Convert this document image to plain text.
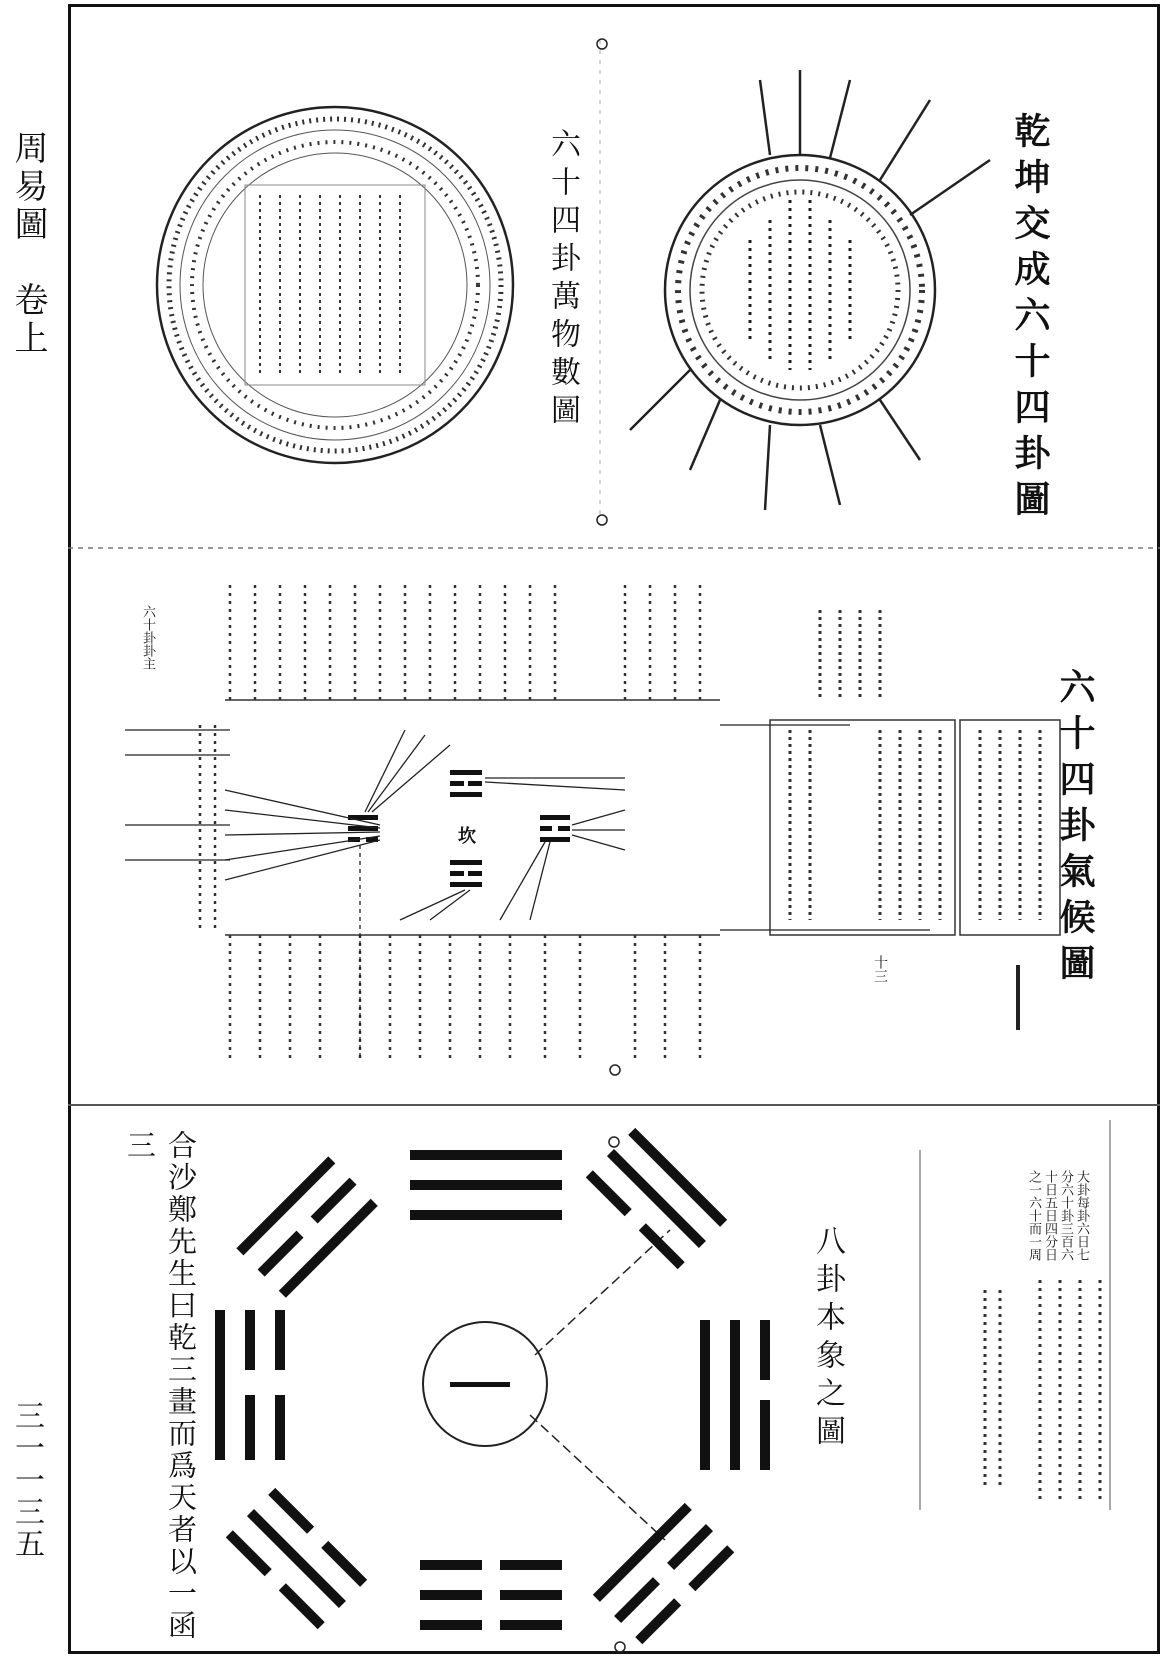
周易圖　卷上
三一一三五
六十四卦萬物數圖	乾坤交成六十四卦圖
六十四卦氣候圖
六十卦卦主
坎
十三
八卦本象之圖
大卦每卦六日七分六十卦三百六十日五日四分日之一六十而一周
合沙鄭先生曰乾三畫而爲天者以一函三
